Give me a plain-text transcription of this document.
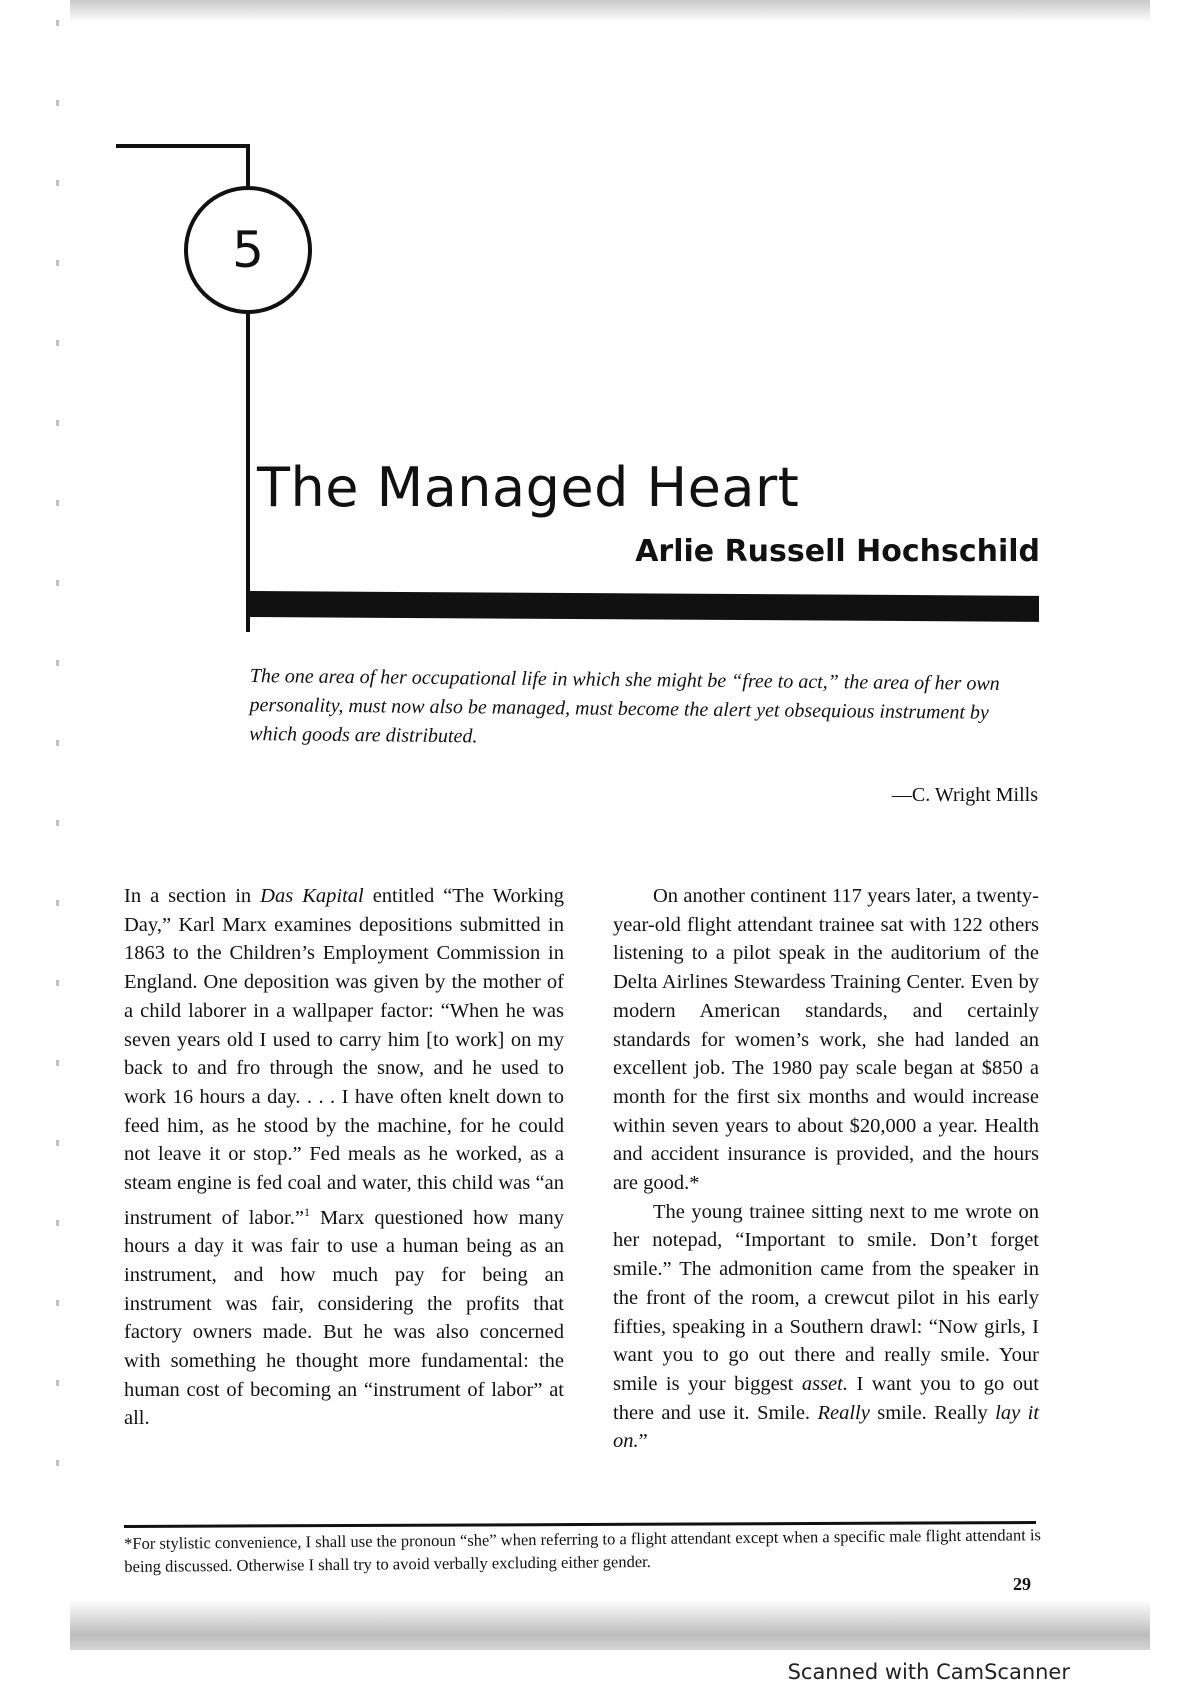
5
The Managed Heart
Arlie Russell Hochschild
The one area of her occupational life in which she might be “free to act,” the area of her own personality, must now also be managed, must become the alert yet obsequious instrument by which goods are distributed.
—C. Wright Mills

In a section in Das Kapital entitled “The Working Day,” Karl Marx examines depositions submitted in 1863 to the Children’s Employment Commission in England. One deposition was given by the mother of a child laborer in a wallpaper factor: “When he was seven years old I used to carry him [to work] on my back to and fro through the snow, and he used to work 16 hours a day. . . . I have often knelt down to feed him, as he stood by the machine, for he could not leave it or stop.” Fed meals as he worked, as a steam engine is fed coal and water, this child was “an instrument of labor.”$^1$ Marx questioned how many hours a day it was fair to use a human being as an instrument, and how much pay for being an instrument was fair, considering the profits that factory owners made. But he was also concerned with something he thought more fundamental: the human cost of becoming an “instrument of labor” at all.

On another continent 117 years later, a twenty-year-old flight attendant trainee sat with 122 others listening to a pilot speak in the auditorium of the Delta Airlines Stewardess Training Center. Even by modern American standards, and certainly standards for women’s work, she had landed an excellent job. The 1980 pay scale began at $850 a month for the first six months and would increase within seven years to about $20,000 a year. Health and accident insurance is provided, and the hours are good.*

The young trainee sitting next to me wrote on her notepad, “Important to smile. Don’t forget smile.” The admonition came from the speaker in the front of the room, a crewcut pilot in his early fifties, speaking in a Southern drawl: “Now girls, I want you to go out there and really smile. Your smile is your biggest asset. I want you to go out there and use it. Smile. Really smile. Really lay it on.”

*For stylistic convenience, I shall use the pronoun “she” when referring to a flight attendant except when a specific male flight attendant is being discussed. Otherwise I shall try to avoid verbally excluding either gender.
29
Scanned with CamScanner
